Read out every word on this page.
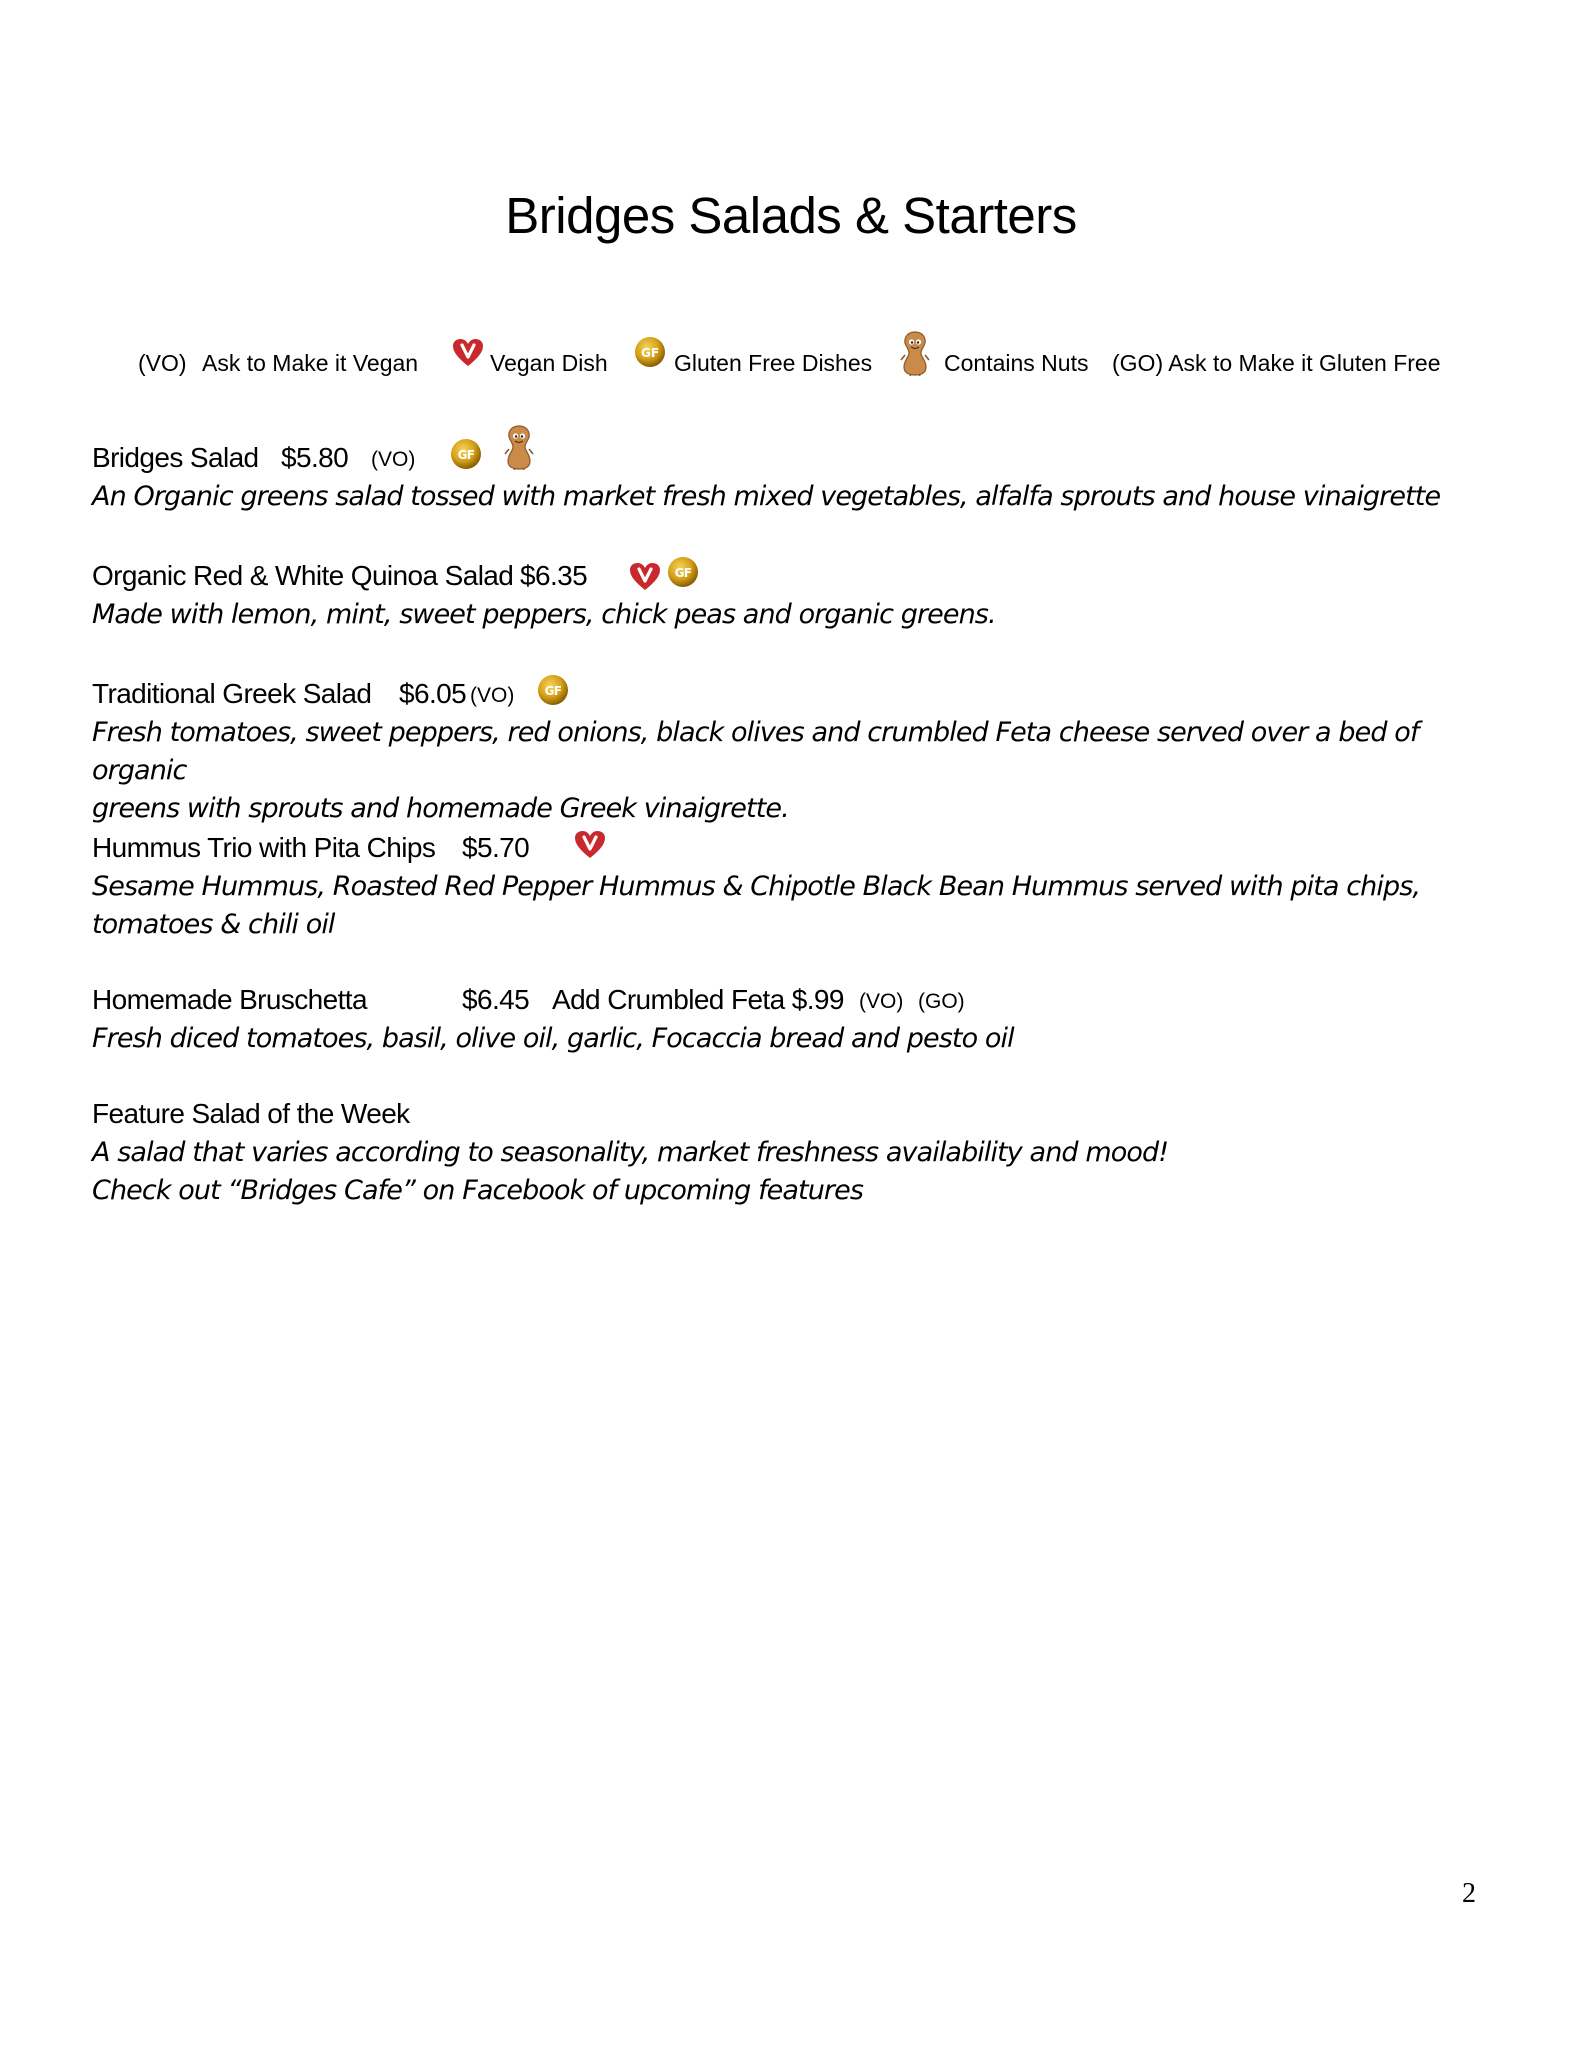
Bridges Salads & Starters
(VO) Ask to Make it Vegan	Vegan Dish	GF Gluten Free Dishes	Contains Nuts (GO) Ask to Make it Gluten Free
Bridges Salad $5.80 (VO)	GF

An Organic greens salad tossed with market fresh mixed vegetables, alfalfa sprouts and house vinaigrette

Organic Red & White Quinoa Salad $6.35	GF

Made with lemon, mint, sweet peppers, chick peas and organic greens.

Traditional Greek Salad $6.05 (VO)	GF

Fresh tomatoes, sweet peppers, red onions, black olives and crumbled Feta cheese served over a bed of organic

greens with sprouts and homemade Greek vinaigrette.

Hummus Trio with Pita Chips $5.70

Sesame Hummus, Roasted Red Pepper Hummus & Chipotle Black Bean Hummus served with pita chips,

tomatoes & chili oil

Homemade Bruschetta	$6.45 Add Crumbled Feta $.99 (VO) (GO)

Fresh diced tomatoes, basil, olive oil, garlic, Focaccia bread and pesto oil

Feature Salad of the Week

A salad that varies according to seasonality, market freshness availability and mood!

Check out “Bridges Cafe” on Facebook of upcoming features

2
